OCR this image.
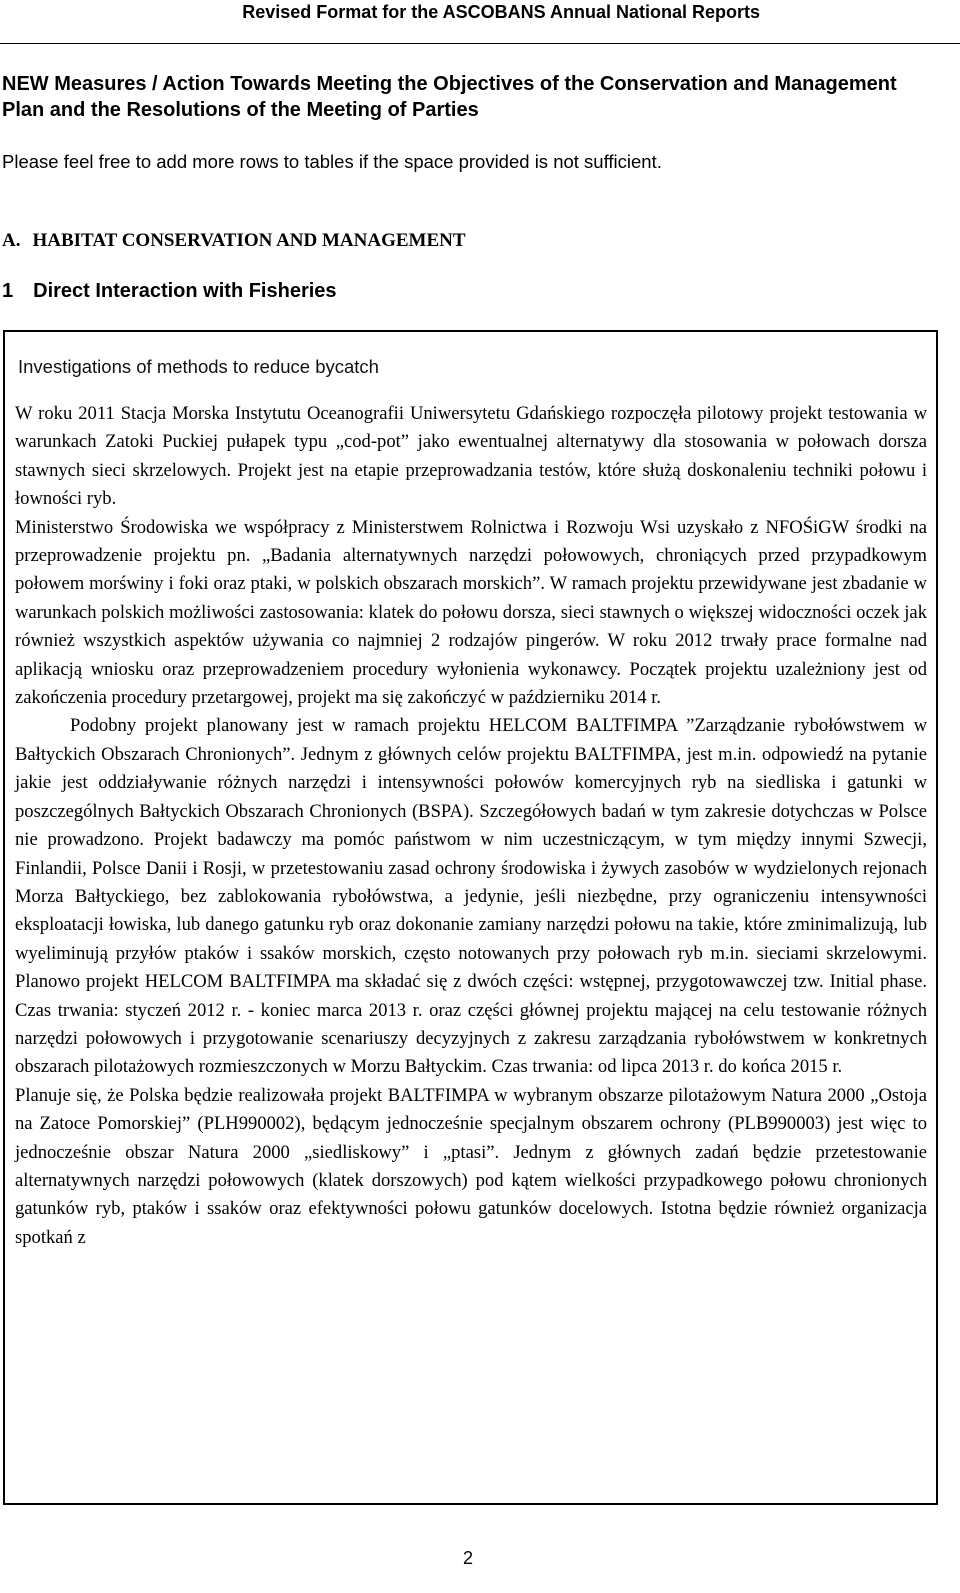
Revised Format for the ASCOBANS Annual National Reports
NEW Measures / Action Towards Meeting the Objectives of the Conservation and Management Plan and the Resolutions of the Meeting of Parties

Please feel free to add more rows to tables if the space provided is not sufficient.

A. HABITAT CONSERVATION AND MANAGEMENT
1 Direct Interaction with Fisheries

Investigations of methods to reduce bycatch

W roku 2011 Stacja Morska Instytutu Oceanografii Uniwersytetu Gdańskiego rozpoczęła pilotowy projekt testowania w warunkach Zatoki Puckiej pułapek typu „cod-pot” jako ewentualnej alternatywy dla stosowania w połowach dorsza stawnych sieci skrzelowych. Projekt jest na etapie przeprowadzania testów, które służą doskonaleniu techniki połowu i łowności ryb.

Ministerstwo Środowiska we współpracy z Ministerstwem Rolnictwa i Rozwoju Wsi uzyskało z NFOŚiGW środki na przeprowadzenie projektu pn. „Badania alternatywnych narzędzi połowowych, chroniących przed przypadkowym połowem morświny i foki oraz ptaki, w polskich obszarach morskich”. W ramach projektu przewidywane jest zbadanie w warunkach polskich możliwości zastosowania: klatek do połowu dorsza, sieci stawnych o większej widoczności oczek jak również wszystkich aspektów używania co najmniej 2 rodzajów pingerów. W roku 2012 trwały prace formalne nad aplikacją wniosku oraz przeprowadzeniem procedury wyłonienia wykonawcy. Początek projektu uzależniony jest od zakończenia procedury przetargowej, projekt ma się zakończyć w październiku 2014 r.

Podobny projekt planowany jest w ramach projektu HELCOM BALTFIMPA ”Zarządzanie rybołówstwem w Bałtyckich Obszarach Chronionych”. Jednym z głównych celów projektu BALTFIMPA, jest m.in. odpowiedź na pytanie jakie jest oddziaływanie różnych narzędzi i intensywności połowów komercyjnych ryb na siedliska i gatunki w poszczególnych Bałtyckich Obszarach Chronionych (BSPA). Szczegółowych badań w tym zakresie dotychczas w Polsce nie prowadzono. Projekt badawczy ma pomóc państwom w nim uczestniczącym, w tym między innymi Szwecji, Finlandii, Polsce Danii i Rosji, w przetestowaniu zasad ochrony środowiska i żywych zasobów w wydzielonych rejonach Morza Bałtyckiego, bez zablokowania rybołówstwa, a jedynie, jeśli niezbędne, przy ograniczeniu intensywności eksploatacji łowiska, lub danego gatunku ryb oraz dokonanie zamiany narzędzi połowu na takie, które zminimalizują, lub wyeliminują przyłów ptaków i ssaków morskich, często notowanych przy połowach ryb m.in. sieciami skrzelowymi. Planowo projekt HELCOM BALTFIMPA ma składać się z dwóch części: wstępnej, przygotowawczej tzw. Initial phase. Czas trwania: styczeń 2012 r. - koniec marca 2013 r. oraz części głównej projektu mającej na celu testowanie różnych narzędzi połowowych i przygotowanie scenariuszy decyzyjnych z zakresu zarządzania rybołówstwem w konkretnych obszarach pilotażowych rozmieszczonych w Morzu Bałtyckim. Czas trwania: od lipca 2013 r. do końca 2015 r.

Planuje się, że Polska będzie realizowała projekt BALTFIMPA w wybranym obszarze pilotażowym Natura 2000 „Ostoja na Zatoce Pomorskiej” (PLH990002), będącym jednocześnie specjalnym obszarem ochrony (PLB990003) jest więc to jednocześnie obszar Natura 2000 „siedliskowy” i „ptasi”. Jednym z głównych zadań będzie przetestowanie alternatywnych narzędzi połowowych (klatek dorszowych) pod kątem wielkości przypadkowego połowu chronionych gatunków ryb, ptaków i ssaków oraz efektywności połowu gatunków docelowych. Istotna będzie również organizacja spotkań z

2
